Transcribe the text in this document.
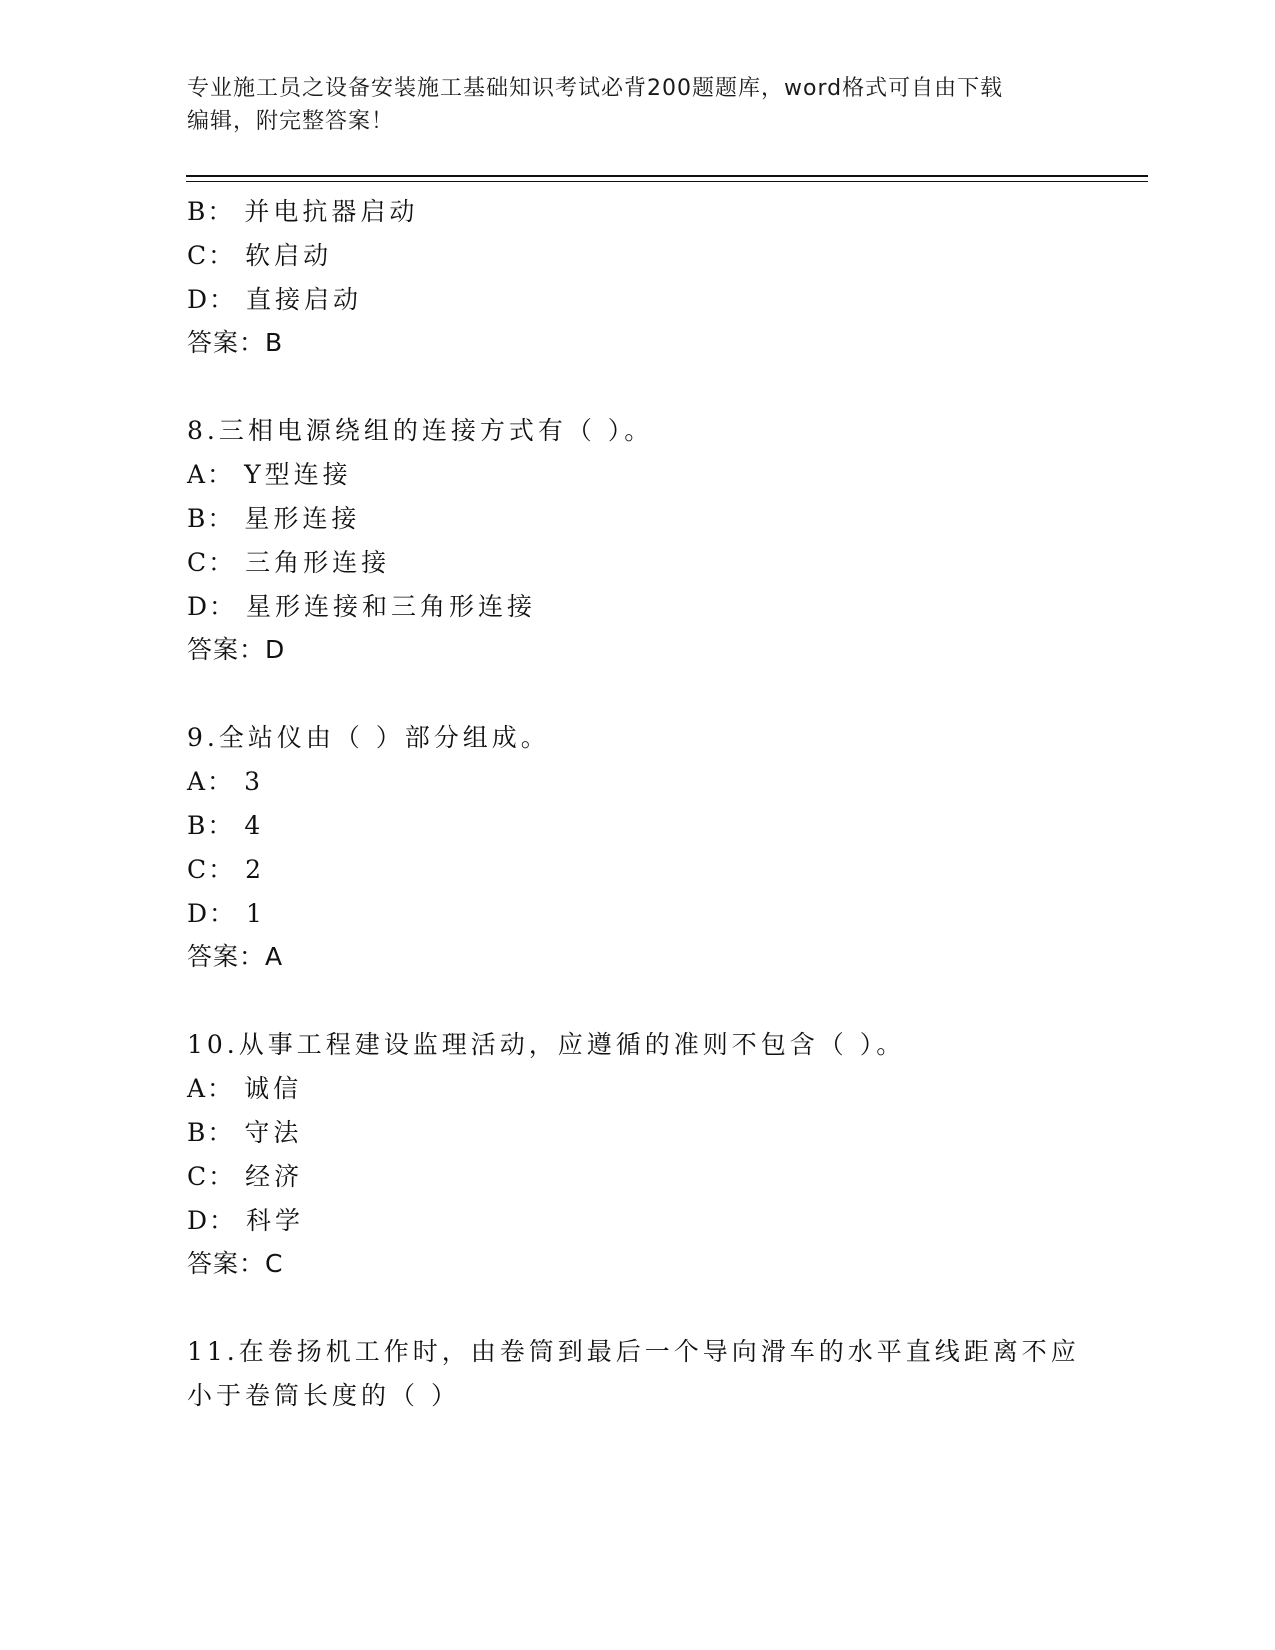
专业施工员之设备安装施工基础知识考试必背200题题库，word格式可自由下载
编辑，附完整答案！
B： 并电抗器启动
C： 软启动
D： 直接启动
答案：B
8.三相电源绕组的连接方式有（ ）。
A： Y型连接
B： 星形连接
C： 三角形连接
D： 星形连接和三角形连接
答案：D
9.全站仪由（ ）部分组成。
A： 3
B： 4
C： 2
D： 1
答案：A
10.从事工程建设监理活动，应遵循的准则不包含（ ）。
A： 诚信
B： 守法
C： 经济
D： 科学
答案：C
11.在卷扬机工作时，由卷筒到最后一个导向滑车的水平直线距离不应
小于卷筒长度的（ ）
